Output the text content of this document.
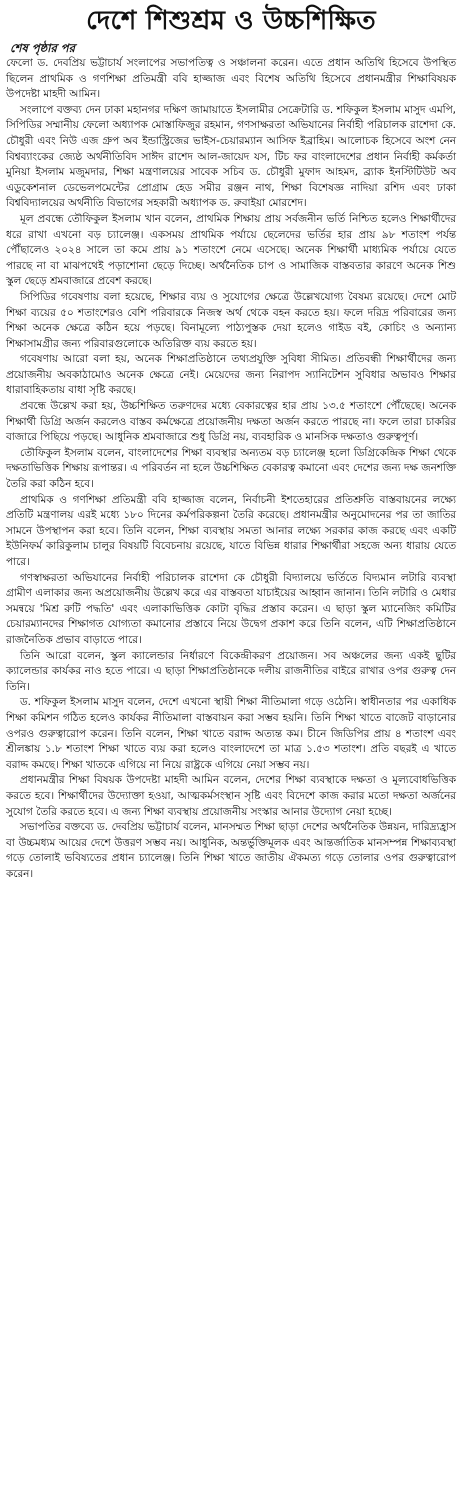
দেশে শিশুশ্রম ও উচ্চশিক্ষিত
শেষ পৃষ্ঠার পর

ফেলো ড. দেবপ্রিয় ভট্টাচার্য সংলাপের সভাপতিত্ব ও সঞ্চালনা করেন। এতে প্রধান অতিথি হিসেবে উপস্থিত ছিলেন প্রাথমিক ও গণশিক্ষা প্রতিমন্ত্রী ববি হাজ্জাজ এবং বিশেষ অতিথি হিসেবে প্রধানমন্ত্রীর শিক্ষাবিষয়ক উপদেষ্টা মাহদী আমিন।

সংলাপে বক্তব্য দেন ঢাকা মহানগর দক্ষিণ জামায়াতে ইসলামীর সেক্রেটারি ড. শফিকুল ইসলাম মাসুদ এমপি, সিপিডির সম্মানীয় ফেলো অধ্যাপক মোস্তাফিজুর রহমান, গণসাক্ষরতা অভিযানের নির্বাহী পরিচালক রাশেদা কে. চৌধুরী এবং নিউ এজ গ্রুপ অব ইন্ডাস্ট্রিজের ভাইস-চেয়ারম্যান আসিফ ইব্রাহিম। আলোচক হিসেবে অংশ নেন বিশ্বব্যাংকের জ্যেষ্ঠ অর্থনীতিবিদ সাঈদ রাশেদ আল-জায়েদ যস, টিচ ফর বাংলাদেশের প্রধান নির্বাহী কর্মকর্তা মুনিয়া ইসলাম মজুমদার, শিক্ষা মন্ত্রণালয়ের সাবেক সচিব ড. চৌধুরী মুফাদ আহমদ, ব্র্যাক ইনস্টিটিউট অব এডুকেশনাল ডেভেলপমেন্টের প্রোগ্রাম হেড সমীর রঞ্জন নাথ, শিক্ষা বিশেষজ্ঞ নাদিয়া রশিদ এবং ঢাকা বিশ্ববিদ্যালয়ের অর্থনীতি বিভাগের সহকারী অধ্যাপক ড. রুবাইয়া মোরশেদ।

মূল প্রবন্ধে তৌফিকুল ইসলাম খান বলেন, প্রাথমিক শিক্ষায় প্রায় সর্বজনীন ভর্তি নিশ্চিত হলেও শিক্ষার্থীদের ধরে রাখা এখনো বড় চ্যালেঞ্জ। একসময় প্রাথমিক পর্যায়ে ছেলেদের ভর্তির হার প্রায় ৯৮ শতাংশ পর্যন্ত পৌঁছালেও ২০২৪ সালে তা কমে প্রায় ৯১ শতাংশে নেমে এসেছে। অনেক শিক্ষার্থী মাধ্যমিক পর্যায়ে যেতে পারছে না বা মাঝপথেই পড়াশোনা ছেড়ে দিচ্ছে। অর্থনৈতিক চাপ ও সামাজিক বাস্তবতার কারণে অনেক শিশু স্কুল ছেড়ে শ্রমবাজারে প্রবেশ করছে।

সিপিডির গবেষণায় বলা হয়েছে, শিক্ষার ব্যয় ও সুযোগের ক্ষেত্রে উল্লেখযোগ্য বৈষম্য রয়েছে। দেশে মোট শিক্ষা ব্যয়ের ৫০ শতাংশেরও বেশি পরিবারকে নিজস্ব অর্থ থেকে বহন করতে হয়। ফলে দরিদ্র পরিবারের জন্য শিক্ষা অনেক ক্ষেত্রে কঠিন হয়ে পড়ছে। বিনামূল্যে পাঠ্যপুস্তক দেয়া হলেও গাইড বই, কোচিং ও অন্যান্য শিক্ষাসামগ্রীর জন্য পরিবারগুলোকে অতিরিক্ত ব্যয় করতে হয়।

গবেষণায় আরো বলা হয়, অনেক শিক্ষাপ্রতিষ্ঠানে তথ্যপ্রযুক্তি সুবিধা সীমিত। প্রতিবন্ধী শিক্ষার্থীদের জন্য প্রয়োজনীয় অবকাঠামোও অনেক ক্ষেত্রে নেই। মেয়েদের জন্য নিরাপদ স্যানিটেশন সুবিধার অভাবও শিক্ষার ধারাবাহিকতায় বাধা সৃষ্টি করছে।

প্রবন্ধে উল্লেখ করা হয়, উচ্চশিক্ষিত তরুণদের মধ্যে বেকারত্বের হার প্রায় ১৩.৫ শতাংশে পৌঁছেছে। অনেক শিক্ষার্থী ডিগ্রি অর্জন করলেও বাস্তব কর্মক্ষেত্রে প্রয়োজনীয় দক্ষতা অর্জন করতে পারছে না। ফলে তারা চাকরির বাজারে পিছিয়ে পড়ছে। আধুনিক শ্রমবাজারে শুধু ডিগ্রি নয়, ব্যবহারিক ও মানসিক দক্ষতাও গুরুত্বপূর্ণ।

তৌফিকুল ইসলাম বলেন, বাংলাদেশের শিক্ষা ব্যবস্থার অন্যতম বড় চ্যালেঞ্জ হলো ডিগ্রিকেন্দ্রিক শিক্ষা থেকে দক্ষতাভিত্তিক শিক্ষায় রূপান্তর। এ পরিবর্তন না হলে উচ্চশিক্ষিত বেকারত্ব কমানো এবং দেশের জন্য দক্ষ জনশক্তি তৈরি করা কঠিন হবে।

প্রাথমিক ও গণশিক্ষা প্রতিমন্ত্রী ববি হাজ্জাজ বলেন, নির্বাচনী ইশতেহারের প্রতিশ্রুতি বাস্তবায়নের লক্ষ্যে প্রতিটি মন্ত্রণালয় এরই মধ্যে ১৮০ দিনের কর্মপরিকল্পনা তৈরি করেছে। প্রধানমন্ত্রীর অনুমোদনের পর তা জাতির সামনে উপস্থাপন করা হবে। তিনি বলেন, শিক্ষা ব্যবস্থায় সমতা আনার লক্ষ্যে সরকার কাজ করছে এবং একটি ইউনিফর্ম কারিকুলাম চালুর বিষয়টি বিবেচনায় রয়েছে, যাতে বিভিন্ন ধারার শিক্ষার্থীরা সহজে অন্য ধারায় যেতে পারে।

গণস্বাক্ষরতা অভিযানের নির্বাহী পরিচালক রাশেদা কে চৌধুরী বিদ্যালয়ে ভর্তিতে বিদ্যমান লটারি ব্যবস্থা গ্রামীণ এলাকার জন্য অপ্রয়োজনীয় উল্লেখ করে এর বাস্তবতা যাচাইয়ের আহ্বান জানান। তিনি লটারি ও মেধার সমন্বয়ে 'মিশ্র রুটি পদ্ধতি' এবং এলাকাভিত্তিক কোটা বৃদ্ধির প্রস্তাব করেন। এ ছাড়া স্কুল ম্যানেজিং কমিটির চেয়ারম্যানদের শিক্ষাগত যোগ্যতা কমানোর প্রস্তাবে নিয়ে উদ্বেগ প্রকাশ করে তিনি বলেন, এটি শিক্ষাপ্রতিষ্ঠানে রাজনৈতিক প্রভাব বাড়াতে পারে।

তিনি আরো বলেন, স্কুল ক্যালেন্ডার নির্ধারণে বিকেন্দ্রীকরণ প্রয়োজন। সব অঞ্চলের জন্য একই ছুটির ক্যালেন্ডার কার্যকর নাও হতে পারে। এ ছাড়া শিক্ষাপ্রতিষ্ঠানকে দলীয় রাজনীতির বাইরে রাখার ওপর গুরুত্ব দেন তিনি।

ড. শফিকুল ইসলাম মাসুদ বলেন, দেশে এখনো স্থায়ী শিক্ষা নীতিমালা গড়ে ওঠেনি। স্বাধীনতার পর একাধিক শিক্ষা কমিশন গঠিত হলেও কার্যকর নীতিমালা বাস্তবায়ন করা সম্ভব হয়নি। তিনি শিক্ষা খাতে বাজেট বাড়ানোর ওপরও গুরুত্বারোপ করেন। তিনি বলেন, শিক্ষা খাতে বরাদ্দ অত্যন্ত কম। চীনে জিডিপির প্রায় ৪ শতাংশ এবং শ্রীলঙ্কায় ১.৮ শতাংশ শিক্ষা খাতে ব্যয় করা হলেও বাংলাদেশে তা মাত্র ১.৫৩ শতাংশ। প্রতি বছরই এ খাতে বরাদ্দ কমছে। শিক্ষা খাতকে এগিয়ে না নিয়ে রাষ্ট্রকে এগিয়ে নেয়া সম্ভব নয়।

প্রধানমন্ত্রীর শিক্ষা বিষয়ক উপদেষ্টা মাহদী আমিন বলেন, দেশের শিক্ষা ব্যবস্থাকে দক্ষতা ও মূল্যবোধভিত্তিক করতে হবে। শিক্ষার্থীদের উদ্যোক্তা হওয়া, আত্মকর্মসংস্থান সৃষ্টি এবং বিদেশে কাজ করার মতো দক্ষতা অর্জনের সুযোগ তৈরি করতে হবে। এ জন্য শিক্ষা ব্যবস্থায় প্রয়োজনীয় সংস্কার আনার উদ্যোগ নেয়া হচ্ছে।

সভাপতির বক্তব্যে ড. দেবপ্রিয় ভট্টাচার্য বলেন, মানসম্মত শিক্ষা ছাড়া দেশের অর্থনৈতিক উন্নয়ন, দারিদ্র্যহ্রাস বা উচ্চমধ্যম আয়ের দেশে উত্তরণ সম্ভব নয়। আধুনিক, অন্তর্ভুক্তিমূলক এবং আন্তর্জাতিক মানসম্পন্ন শিক্ষাব্যবস্থা গড়ে তোলাই ভবিষ্যতের প্রধান চ্যালেঞ্জ। তিনি শিক্ষা খাতে জাতীয় ঐকমত্য গড়ে তোলার ওপর গুরুত্বারোপ করেন।
